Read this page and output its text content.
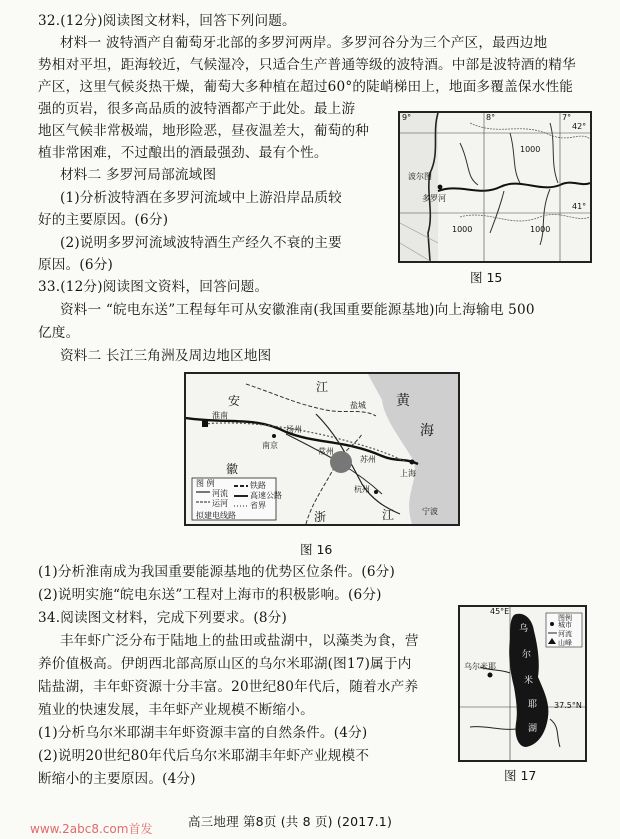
32.(12分)阅读图文材料，回答下列问题。
材料一 波特酒产自葡萄牙北部的多罗河两岸。多罗河谷分为三个产区，最西边地
势相对平坦，距海较近，气候湿冷，只适合生产普通等级的波特酒。中部是波特酒的精华
产区，这里气候炎热干燥，葡萄大多种植在超过60°的陡峭梯田上，地面多覆盖保水性能
强的页岩，很多高品质的波特酒都产于此处。最上游
地区气候非常极端，地形险恶，昼夜温差大，葡萄的种
植非常困难，不过酿出的酒最强劲、最有个性。
材料二 多罗河局部流域图
(1)分析波特酒在多罗河流域中上游沿岸品质较
好的主要原因。(6分)
(2)说明多罗河流域波特酒生产经久不衰的主要
原因。(6分)
9°	8°	7°
42°
41°
波尔图
多罗河
1000
1000	1000
图 15
33.(12分)阅读图文资料，回答问题。
资料一 “皖电东送”工程每年可从安徽淮南(我国重要能源基地)向上海输电 500
亿度。
资料二 长江三角洲及周边地区地图
安
江
盐城 黄
海
淮南
南京
扬州
常州
苏州
上海
徽
浙
杭州
江	宁波
图 例
河流
运河
铁路
高速公路
省界
拟建电线路
图 16
(1)分析淮南成为我国重要能源基地的优势区位条件。(6分)
(2)说明实施“皖电东送”工程对上海市的积极影响。(6分)
34.阅读图文材料，完成下列要求。(8分)
丰年虾广泛分布于陆地上的盐田或盐湖中，以藻类为食，营
养价值极高。伊朗西北部高原山区的乌尔米耶湖(图17)属于内
陆盐湖，丰年虾资源十分丰富。20世纪80年代后，随着水产养
殖业的快速发展，丰年虾产业规模不断缩小。
(1)分析乌尔米耶湖丰年虾资源丰富的自然条件。(4分)
(2)说明20世纪80年代后乌尔米耶湖丰年虾产业规模不
断缩小的主要原因。(4分)
45°E
37.5°N
乌尔米耶
乌
尔
米
耶
湖
图例
城市
河流
山峰
图 17
高三地理 第8页 (共 8 页) (2017.1)
www.2abc8.com首发
